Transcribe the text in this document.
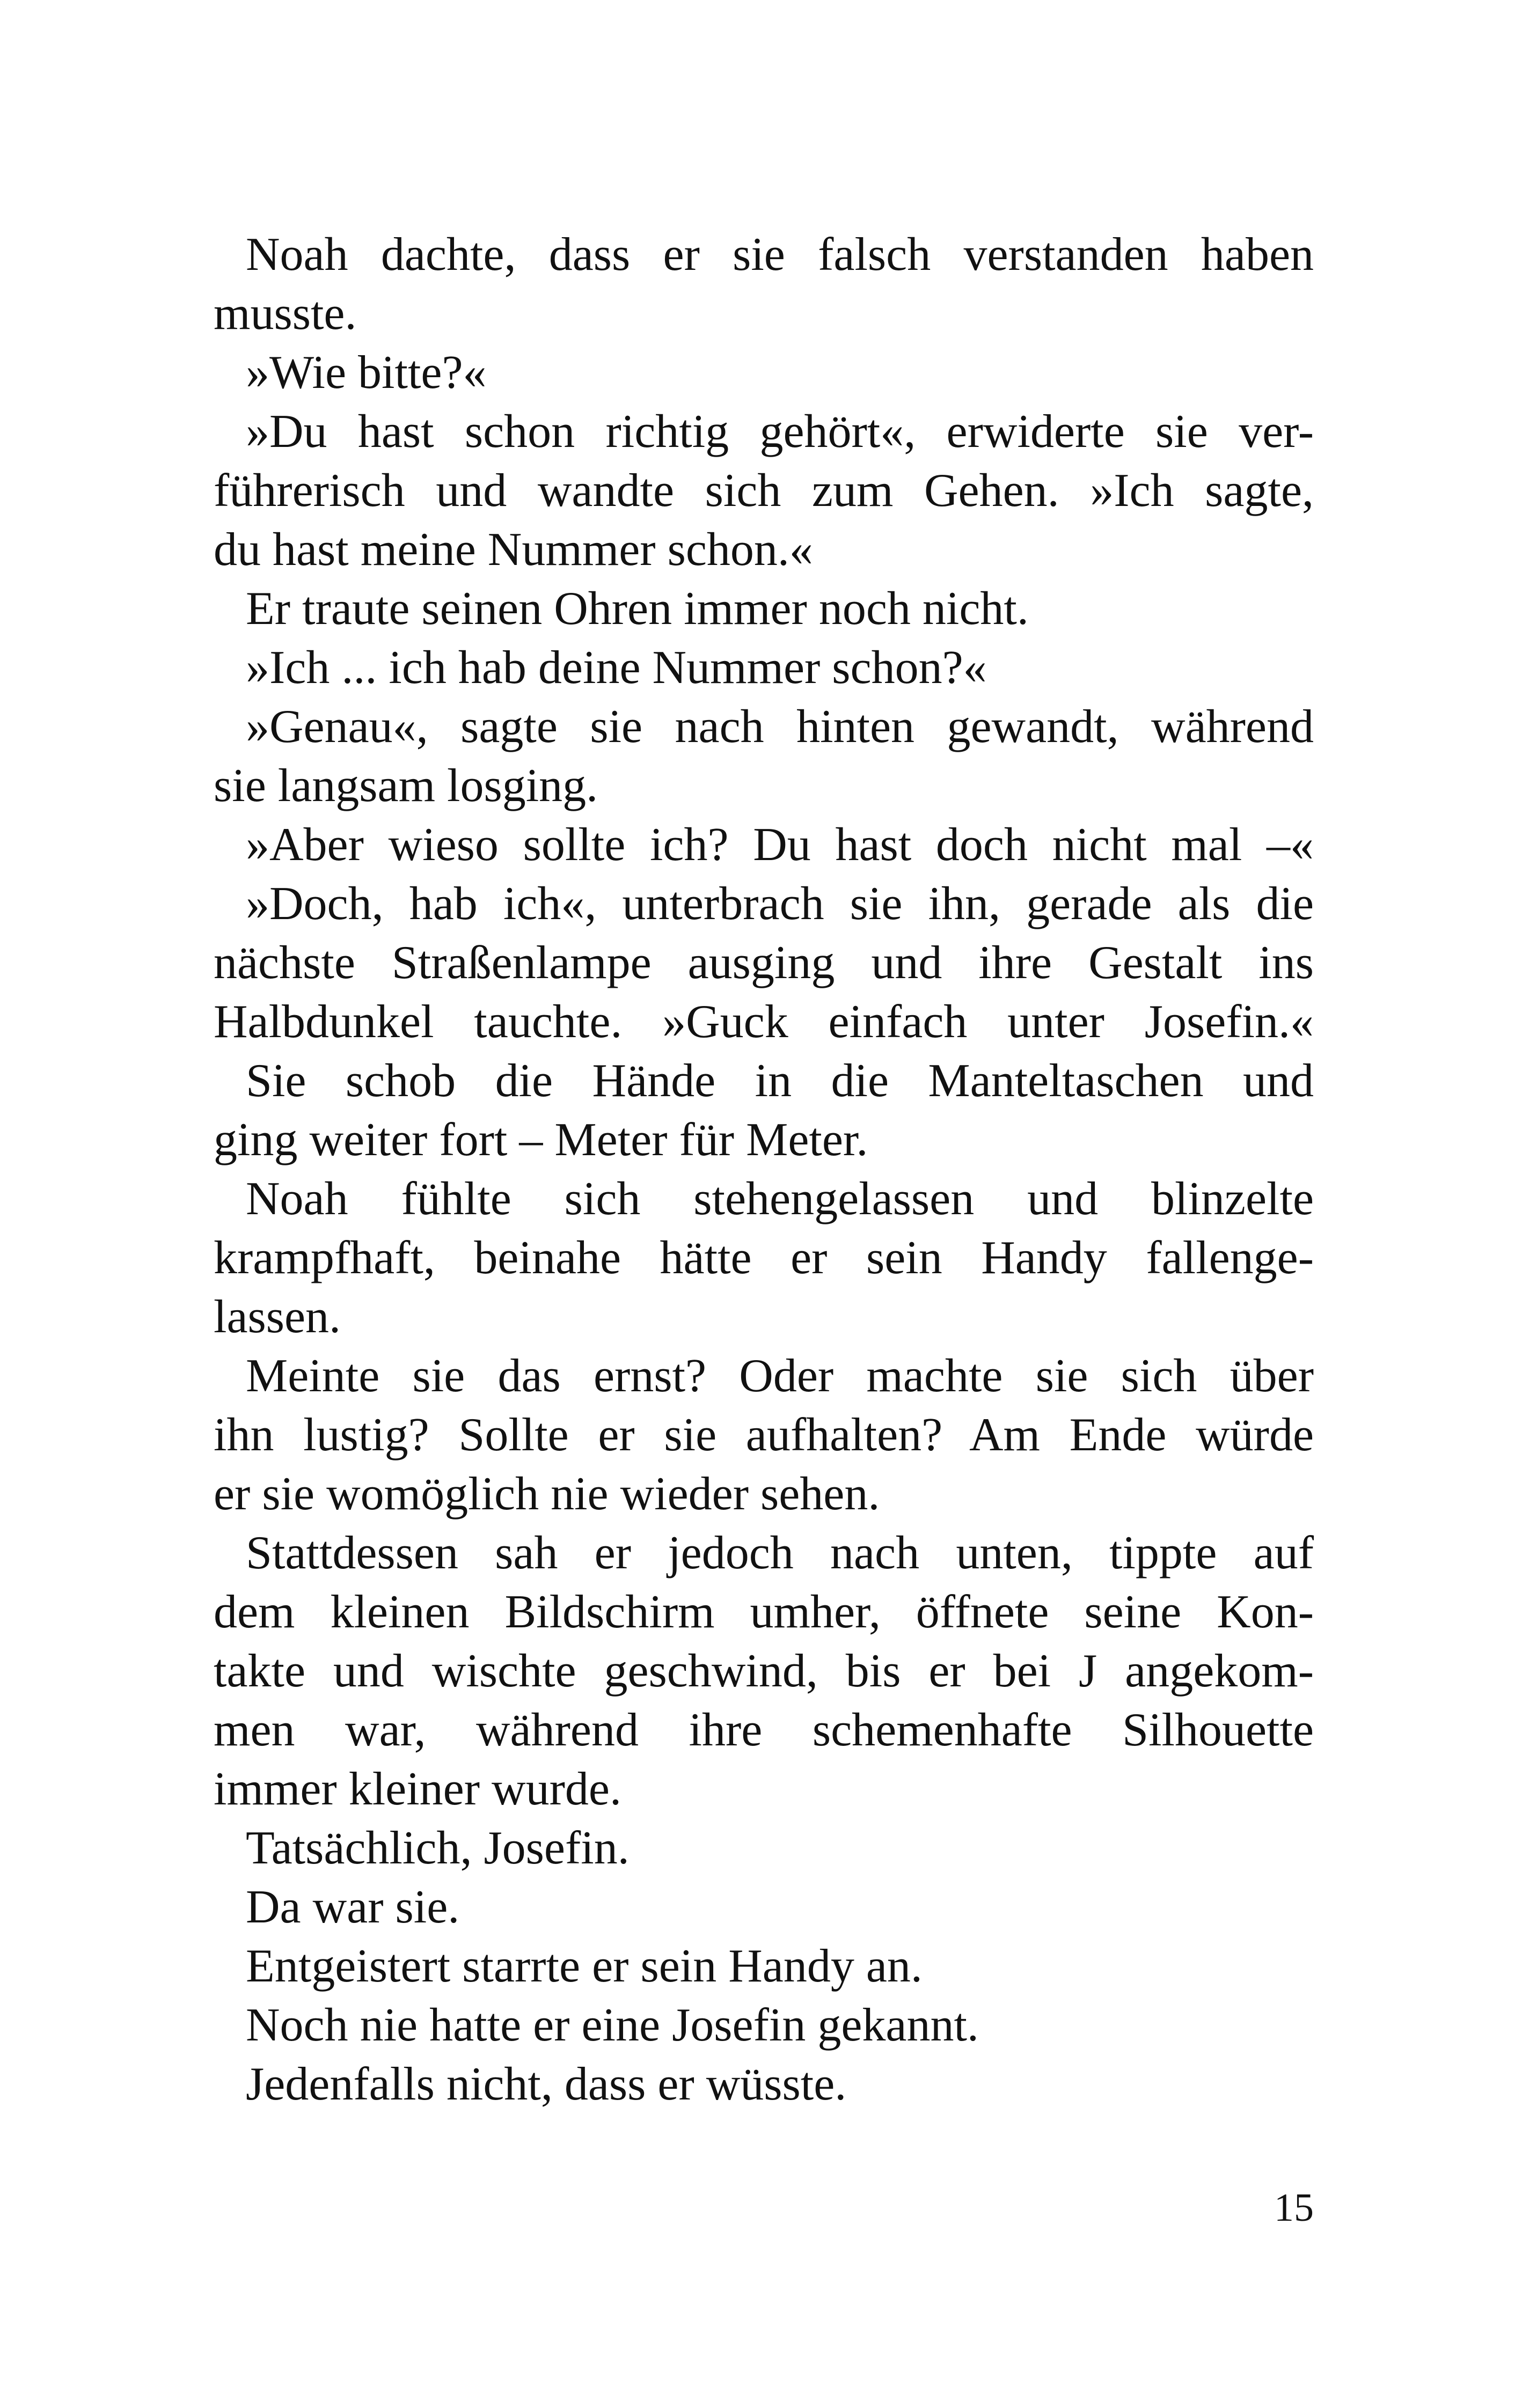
Noah dachte, dass er sie falsch verstanden haben
musste.
»Wie bitte?«
»Du hast schon richtig gehört«, erwiderte sie ver-
führerisch und wandte sich zum Gehen. »Ich sagte,
du hast meine Nummer schon.«
Er traute seinen Ohren immer noch nicht.
»Ich ... ich hab deine Nummer schon?«
»Genau«, sagte sie nach hinten gewandt, während
sie langsam losging.
»Aber wieso sollte ich? Du hast doch nicht mal –«
»Doch, hab ich«, unterbrach sie ihn, gerade als die
nächste Straßenlampe ausging und ihre Gestalt ins
Halbdunkel tauchte. »Guck einfach unter Josefin.«
Sie schob die Hände in die Manteltaschen und
ging weiter fort – Meter für Meter.
Noah fühlte sich stehengelassen und blinzelte
krampfhaft, beinahe hätte er sein Handy fallenge-
lassen.
Meinte sie das ernst? Oder machte sie sich über
ihn lustig? Sollte er sie aufhalten? Am Ende würde
er sie womöglich nie wieder sehen.
Stattdessen sah er jedoch nach unten, tippte auf
dem kleinen Bildschirm umher, öffnete seine Kon-
takte und wischte geschwind, bis er bei J angekom-
men war, während ihre schemenhafte Silhouette
immer kleiner wurde.
Tatsächlich, Josefin.
Da war sie.
Entgeistert starrte er sein Handy an.
Noch nie hatte er eine Josefin gekannt.
Jedenfalls nicht, dass er wüsste.
15
